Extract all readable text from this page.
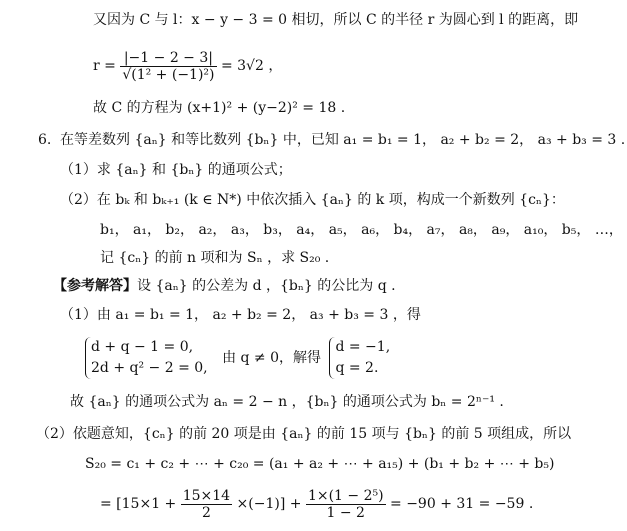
又因为 C 与 l：x − y − 3 = 0 相切，所以 C 的半径 r 为圆心到 l 的距离，即
$r = \frac{|-1 - 2 - 3|}{\text{√(1² + (−1)²)}} = 3√2$ ，
故 C 的方程为 (x+1)² + (y−2)² = 18 .
6. 在等差数列 {aₙ} 和等比数列 {bₙ} 中，已知 a₁ = b₁ = 1， a₂ + b₂ = 2， a₃ + b₃ = 3 .
（1）求 {aₙ} 和 {bₙ} 的通项公式；
（2）在 bₖ 和 bₖ₊₁ (k ∈ N*) 中依次插入 {aₙ} 的 k 项，构成一个新数列 {cₙ}：
b₁， a₁， b₂， a₂， a₃， b₃， a₄， a₅， a₆， b₄， a₇， a₈， a₉， a₁₀， b₅， …，
记 {cₙ} 的前 n 项和为 Sₙ ，求 S₂₀ .
【参考解答】设 {aₙ} 的公差为 d ，{bₙ} 的公比为 q .
（1）由 a₁ = b₁ = 1， a₂ + b₂ = 2， a₃ + b₃ = 3 ，得
d + q − 1 = 0,
2d + q² − 2 = 0,
由 q ≠ 0，解得
d = −1,
q = 2.
故 {aₙ} 的通项公式为 aₙ = 2 − n ，{bₙ} 的通项公式为 bₙ = 2ⁿ⁻¹ .
（2）依题意知，{cₙ} 的前 20 项是由 {aₙ} 的前 15 项与 {bₙ} 的前 5 项组成，所以
S₂₀ = c₁ + c₂ + ⋯ + c₂₀ = (a₁ + a₂ + ⋯ + a₁₅) + (b₁ + b₂ + ⋯ + b₅)
= $[15\times 1 + \frac{15\times 14}{2} \times(-1)] + \frac{\text{1×(1 − 2⁵)}}{1 - 2} = -90 + 31 = -59$ .
